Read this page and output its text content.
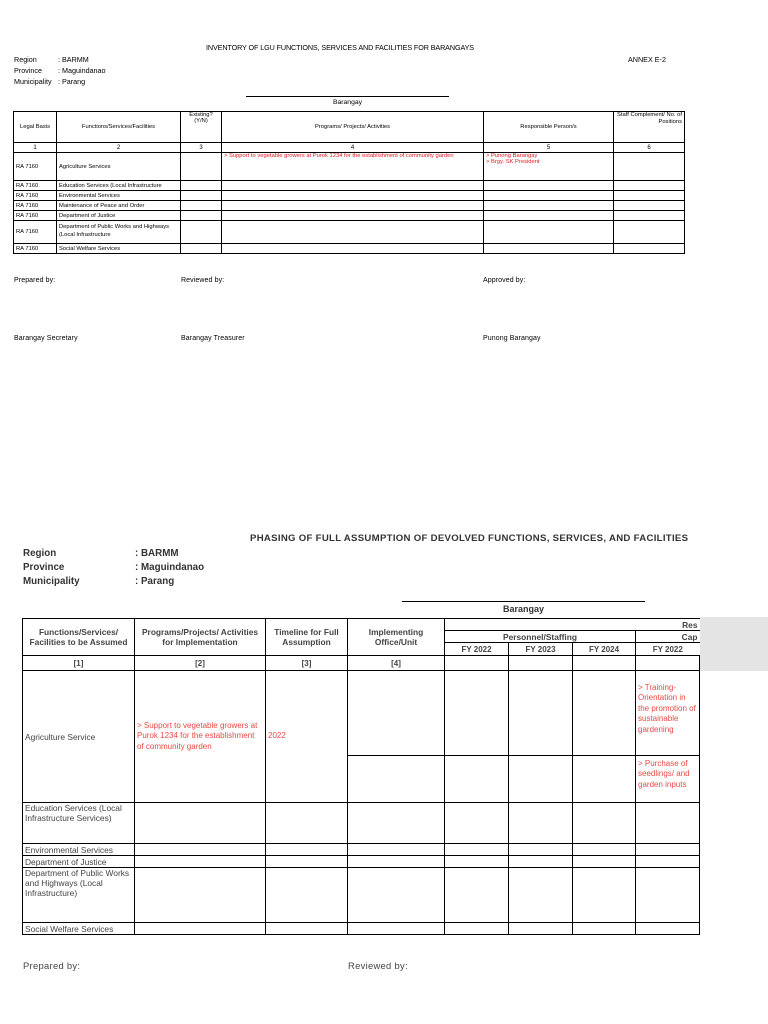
INVENTORY OF LGU FUNCTIONS, SERVICES AND FACILITIES FOR BARANGAYS
ANNEX E-2
Region	: BARMM
Province : Maguindanao
Municipality : Parang
Barangay
Legal Basis	Functions/Services/Facilities	Existing? (Y/N)	Programs/ Projects/ Activities	Responsible Person/s	Staff Complement/ No. of Positions
1	2	3	4	5	6
RA 7160	Agriculture Services		> Support to vegetable growers at Purok 1234 for the establishment of community garden	> Punong Barangay
> Brgy. SK President	

RA 7160	Education Services (Local Infrastructure				
RA 7160	Environmental Services				
RA 7160	Maintenance of Peace and Order				
RA 7160	Department of Justice				
RA 7160	Department of Public Works and Highways (Local Infrastructure				
RA 7160	Social Welfare Services				
Prepared by:	Reviewed by:	Approved by:
Barangay Secretary	Barangay Treasurer	Punong Barangay
PHASING OF FULL ASSUMPTION OF DEVOLVED FUNCTIONS, SERVICES, AND FACILITIES
Region	: BARMM
Province	: Maguindanao
Municipality	: Parang
Barangay
Functions/Services/ Facilities to be Assumed	Programs/Projects/ Activities for Implementation	Timeline for Full Assumption	Implementing Office/Unit	Res			
				Personnel/Staffing			Cap
				FY 2022	FY 2023	FY 2024	FY 2022
[1]	[2]	[3]	[4]				
Agriculture Service	> Support to vegetable growers at Purok 1234 for the establishment of community garden	2022					> Training- Orientation in the promotion of sustainable gardening
							> Purchase of seedlings/ and garden inputs
Education Services (Local Infrastructure Services)							
Environmental Services							
Department of Justice							
Department of Public Works and Highways (Local Infrastructure)							
Social Welfare Services							
Prepared by:	Reviewed by:
